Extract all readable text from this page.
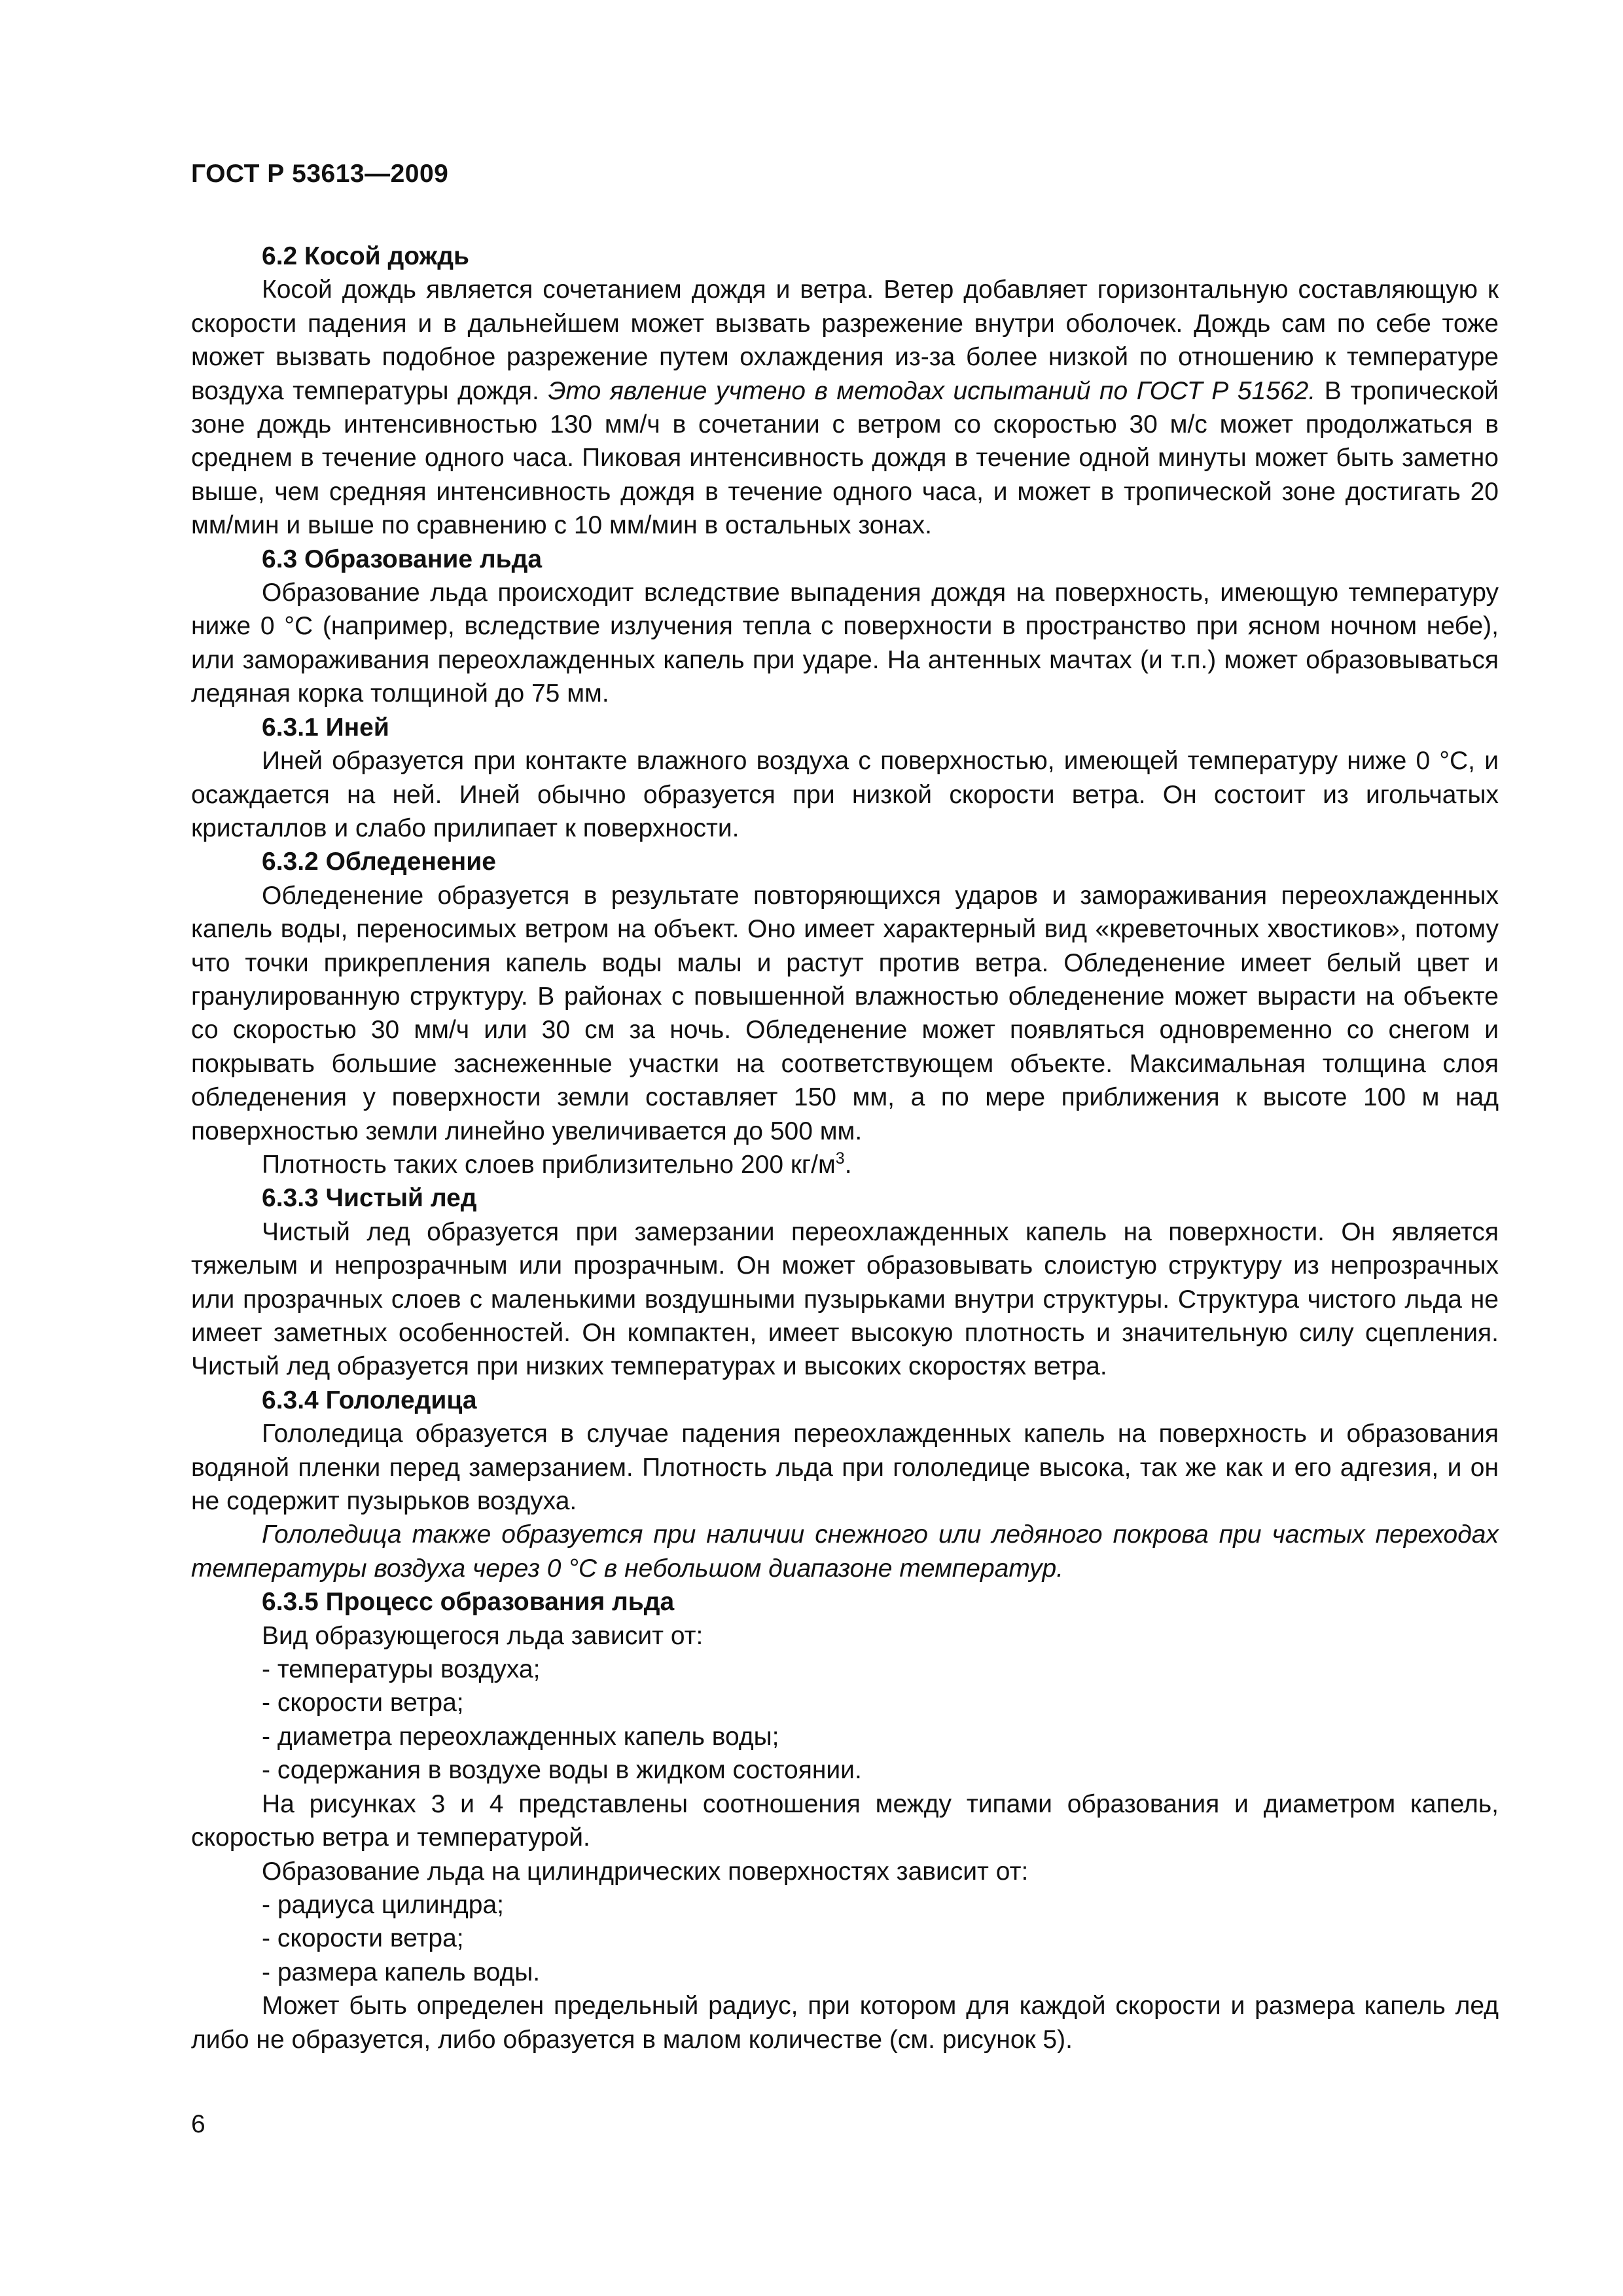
ГОСТ Р 53613—2009
6.2 Косой дождь

Косой дождь является сочетанием дождя и ветра. Ветер добавляет горизонтальную составляющую к скорости падения и в дальнейшем может вызвать разрежение внутри оболочек. Дождь сам по себе тоже может вызвать подобное разрежение путем охлаждения из-за более низкой по отношению к температуре воздуха температуры дождя. Это явление учтено в методах испытаний по ГОСТ Р 51562. В тропической зоне дождь интенсивностью 130 мм/ч в сочетании с ветром со скоростью 30 м/с может продолжаться в среднем в течение одного часа. Пиковая интенсивность дождя в течение одной минуты может быть заметно выше, чем средняя интенсивность дождя в течение одного часа, и может в тропической зоне достигать 20 мм/мин и выше по сравнению с 10 мм/мин в остальных зонах.

6.3 Образование льда

Образование льда происходит вследствие выпадения дождя на поверхность, имеющую температуру ниже 0 °С (например, вследствие излучения тепла с поверхности в пространство при ясном ночном небе), или замораживания переохлажденных капель при ударе. На антенных мачтах (и т.п.) может образовываться ледяная корка толщиной до 75 мм.

6.3.1 Иней

Иней образуется при контакте влажного воздуха с поверхностью, имеющей температуру ниже 0 °С, и осаждается на ней. Иней обычно образуется при низкой скорости ветра. Он состоит из игольчатых кристаллов и слабо прилипает к поверхности.

6.3.2 Обледенение

Обледенение образуется в результате повторяющихся ударов и замораживания переохлажденных капель воды, переносимых ветром на объект. Оно имеет характерный вид «креветочных хвостиков», потому что точки прикрепления капель воды малы и растут против ветра. Обледенение имеет белый цвет и гранулированную структуру. В районах с повышенной влажностью обледенение может вырасти на объекте со скоростью 30 мм/ч или 30 см за ночь. Обледенение может появляться одновременно со снегом и покрывать большие заснеженные участки на соответствующем объекте. Максимальная толщина слоя обледенения у поверхности земли составляет 150 мм, а по мере приближения к высоте 100 м над поверхностью земли линейно увеличивается до 500 мм.

Плотность таких слоев приблизительно 200 $кг/м^3$.

6.3.3 Чистый лед

Чистый лед образуется при замерзании переохлажденных капель на поверхности. Он является тяжелым и непрозрачным или прозрачным. Он может образовывать слоистую структуру из непрозрачных или прозрачных слоев с маленькими воздушными пузырьками внутри структуры. Структура чистого льда не имеет заметных особенностей. Он компактен, имеет высокую плотность и значительную силу сцепления. Чистый лед образуется при низких температурах и высоких скоростях ветра.

6.3.4 Гололедица

Гололедица образуется в случае падения переохлажденных капель на поверхность и образования водяной пленки перед замерзанием. Плотность льда при гололедице высока, так же как и его адгезия, и он не содержит пузырьков воздуха.

Гололедица также образуется при наличии снежного или ледяного покрова при частых переходах температуры воздуха через 0 °С в небольшом диапазоне температур.

6.3.5 Процесс образования льда
Вид образующегося льда зависит от:
- температуры воздуха;
- скорости ветра;
- диаметра переохлажденных капель воды;
- содержания в воздухе воды в жидком состоянии.

На рисунках 3 и 4 представлены соотношения между типами образования и диаметром капель, скоростью ветра и температурой.

Образование льда на цилиндрических поверхностях зависит от:
- радиуса цилиндра;
- скорости ветра;
- размера капель воды.

Может быть определен предельный радиус, при котором для каждой скорости и размера капель лед либо не образуется, либо образуется в малом количестве (см. рисунок 5).

6
